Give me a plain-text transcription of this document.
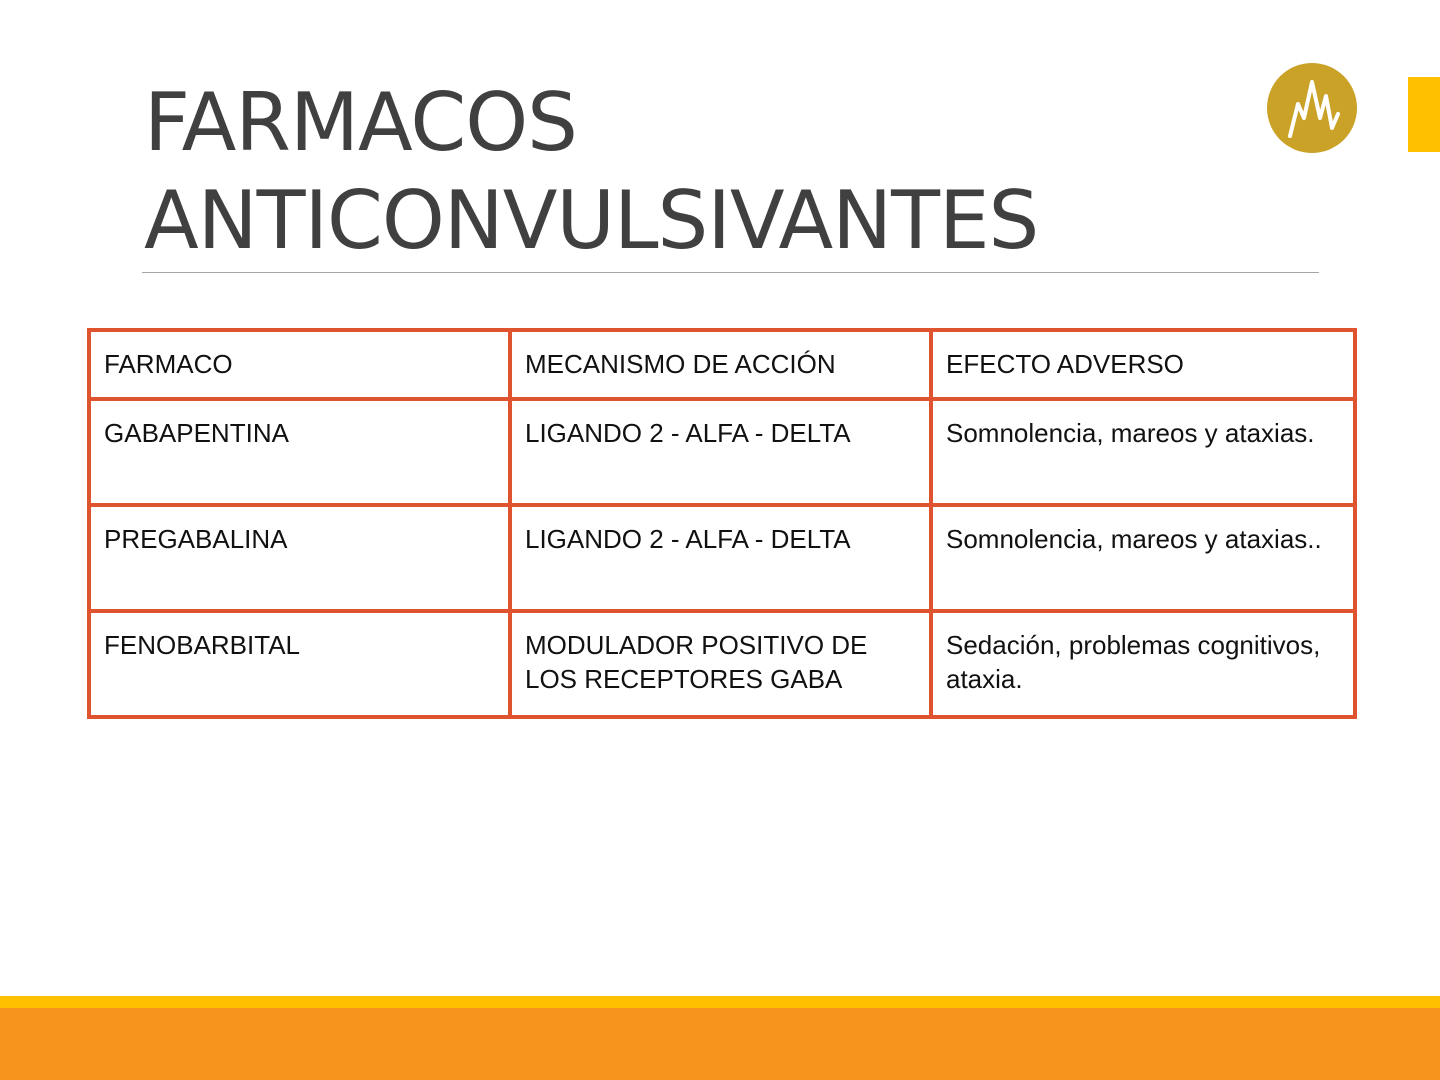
FARMACOS
ANTICONVULSIVANTES
FARMACO	MECANISMO DE ACCIÓN	EFECTO ADVERSO
GABAPENTINA	LIGANDO 2 - ALFA - DELTA	Somnolencia, mareos y ataxias.
PREGABALINA	LIGANDO 2 - ALFA - DELTA	Somnolencia, mareos y ataxias..
FENOBARBITAL	MODULADOR POSITIVO DE LOS RECEPTORES GABA	Sedación, problemas cognitivos, ataxia.
